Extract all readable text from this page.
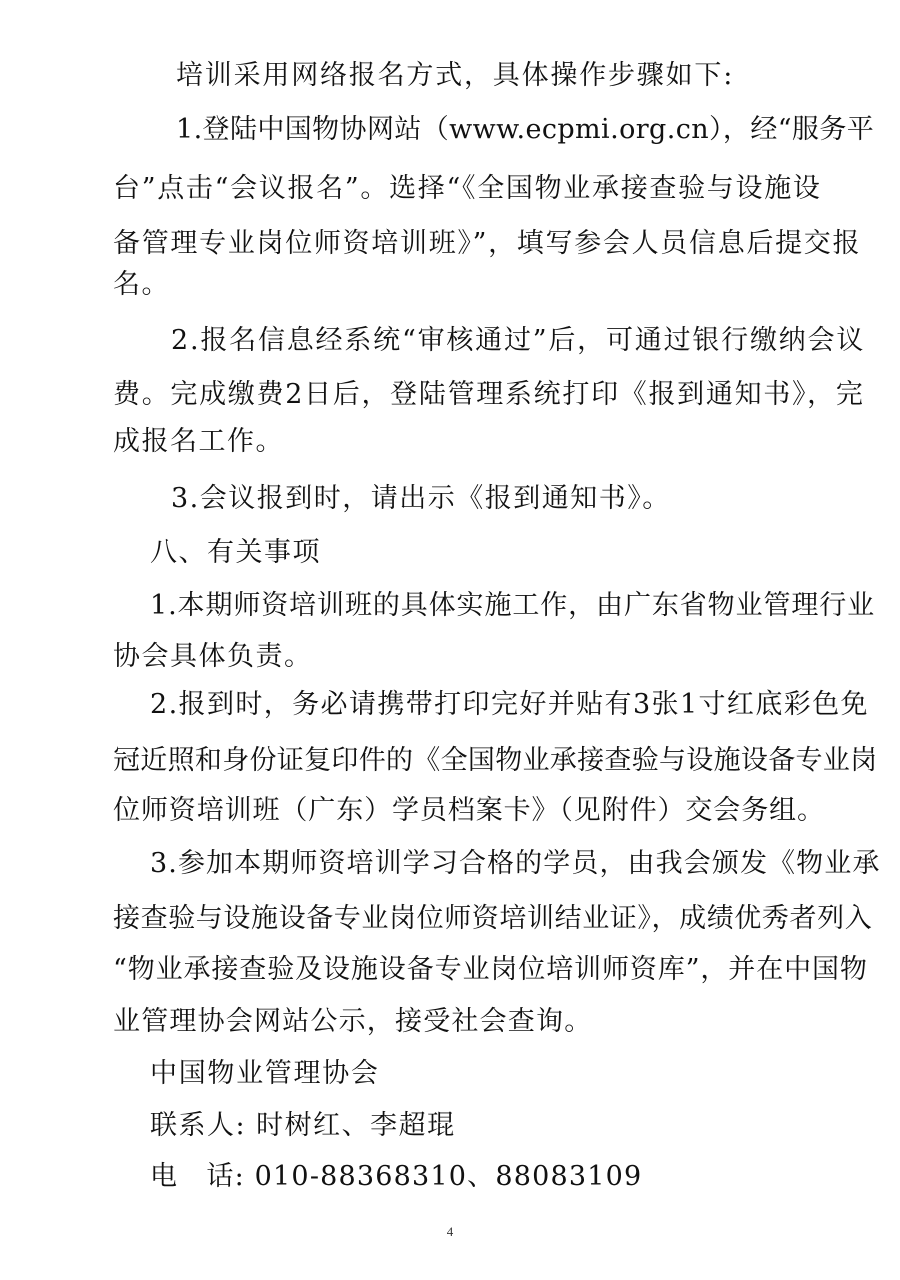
培训采用网络报名方式，具体操作步骤如下:
1.登陆中国物协网站（www.ecpmi.org.cn），经“服务平
台”点击“会议报名”。选择“《全国物业承接查验与设施设
备管理专业岗位师资培训班》”，填写参会人员信息后提交报
名。
2.报名信息经系统“审核通过”后，可通过银行缴纳会议
费。完成缴费2日后，登陆管理系统打印《报到通知书》，完
成报名工作。
3.会议报到时，请出示《报到通知书》。
八、有关事项
1.本期师资培训班的具体实施工作，由广东省物业管理行业
协会具体负责。
2.报到时，务必请携带打印完好并贴有3张1寸红底彩色免
冠近照和身份证复印件的《全国物业承接查验与设施设备专业岗
位师资培训班（广东）学员档案卡》（见附件）交会务组。
3.参加本期师资培训学习合格的学员，由我会颁发《物业承
接查验与设施设备专业岗位师资培训结业证》，成绩优秀者列入
“物业承接查验及设施设备专业岗位培训师资库”，并在中国物
业管理协会网站公示，接受社会查询。
中国物业管理协会
联系人: 时树红、李超琨
电　话: 010-88368310、88083109
4
